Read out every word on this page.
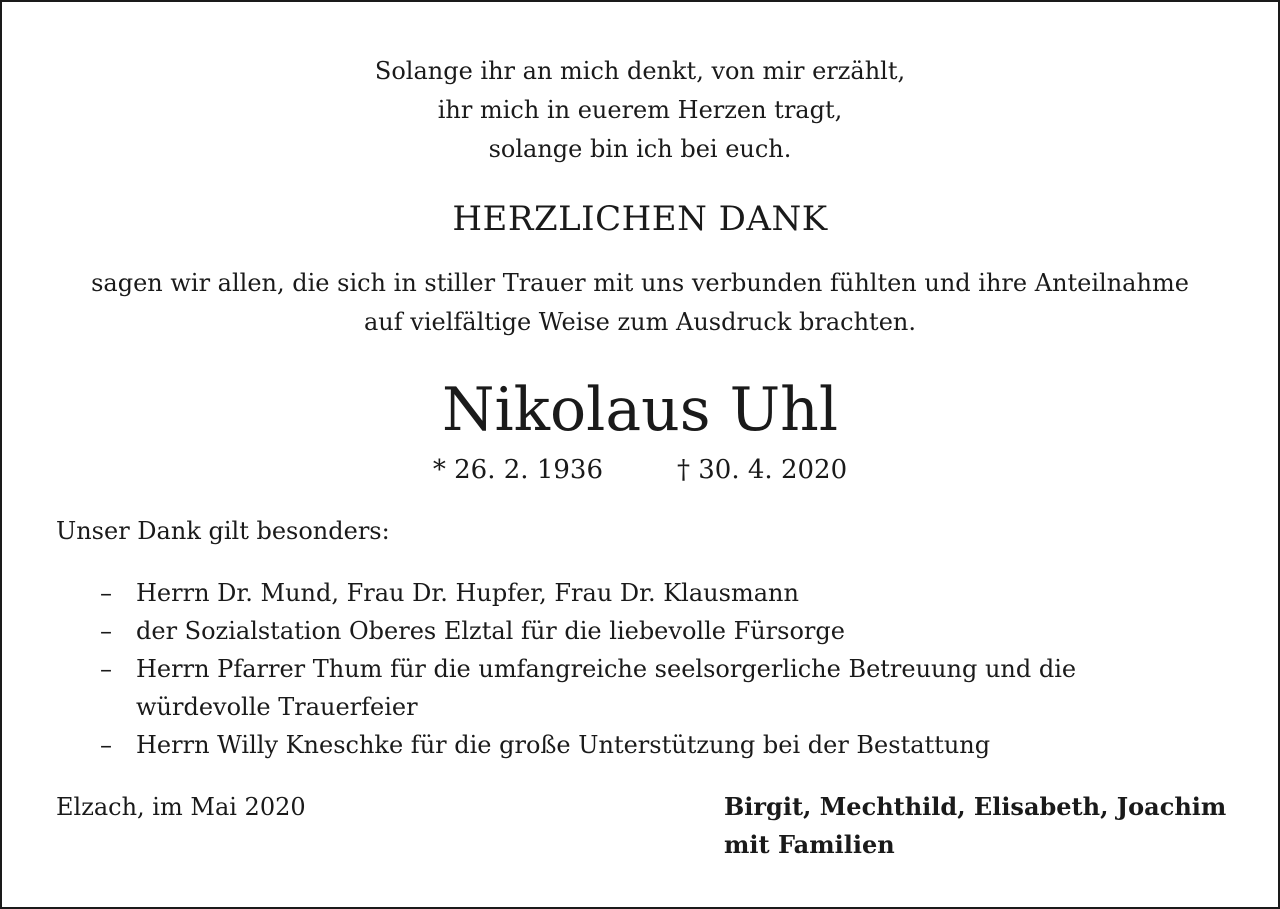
Solange ihr an mich denkt, von mir erzählt,
ihr mich in euerem Herzen tragt,
solange bin ich bei euch.
HERZLICHEN DANK
sagen wir allen, die sich in stiller Trauer mit uns verbunden fühlten und ihre Anteilnahme
auf vielfältige Weise zum Ausdruck brachten.
Nikolaus Uhl
* 26. 2. 1936	† 30. 4. 2020
Unser Dank gilt besonders:
– Herrn Dr. Mund, Frau Dr. Hupfer, Frau Dr. Klausmann
– der Sozialstation Oberes Elztal für die liebevolle Fürsorge
– Herrn Pfarrer Thum für die umfangreiche seelsorgerliche Betreuung und die
würdevolle Trauerfeier
– Herrn Willy Kneschke für die große Unterstützung bei der Bestattung
Elzach, im Mai 2020	Birgit, Mechthild, Elisabeth, Joachim
mit Familien
